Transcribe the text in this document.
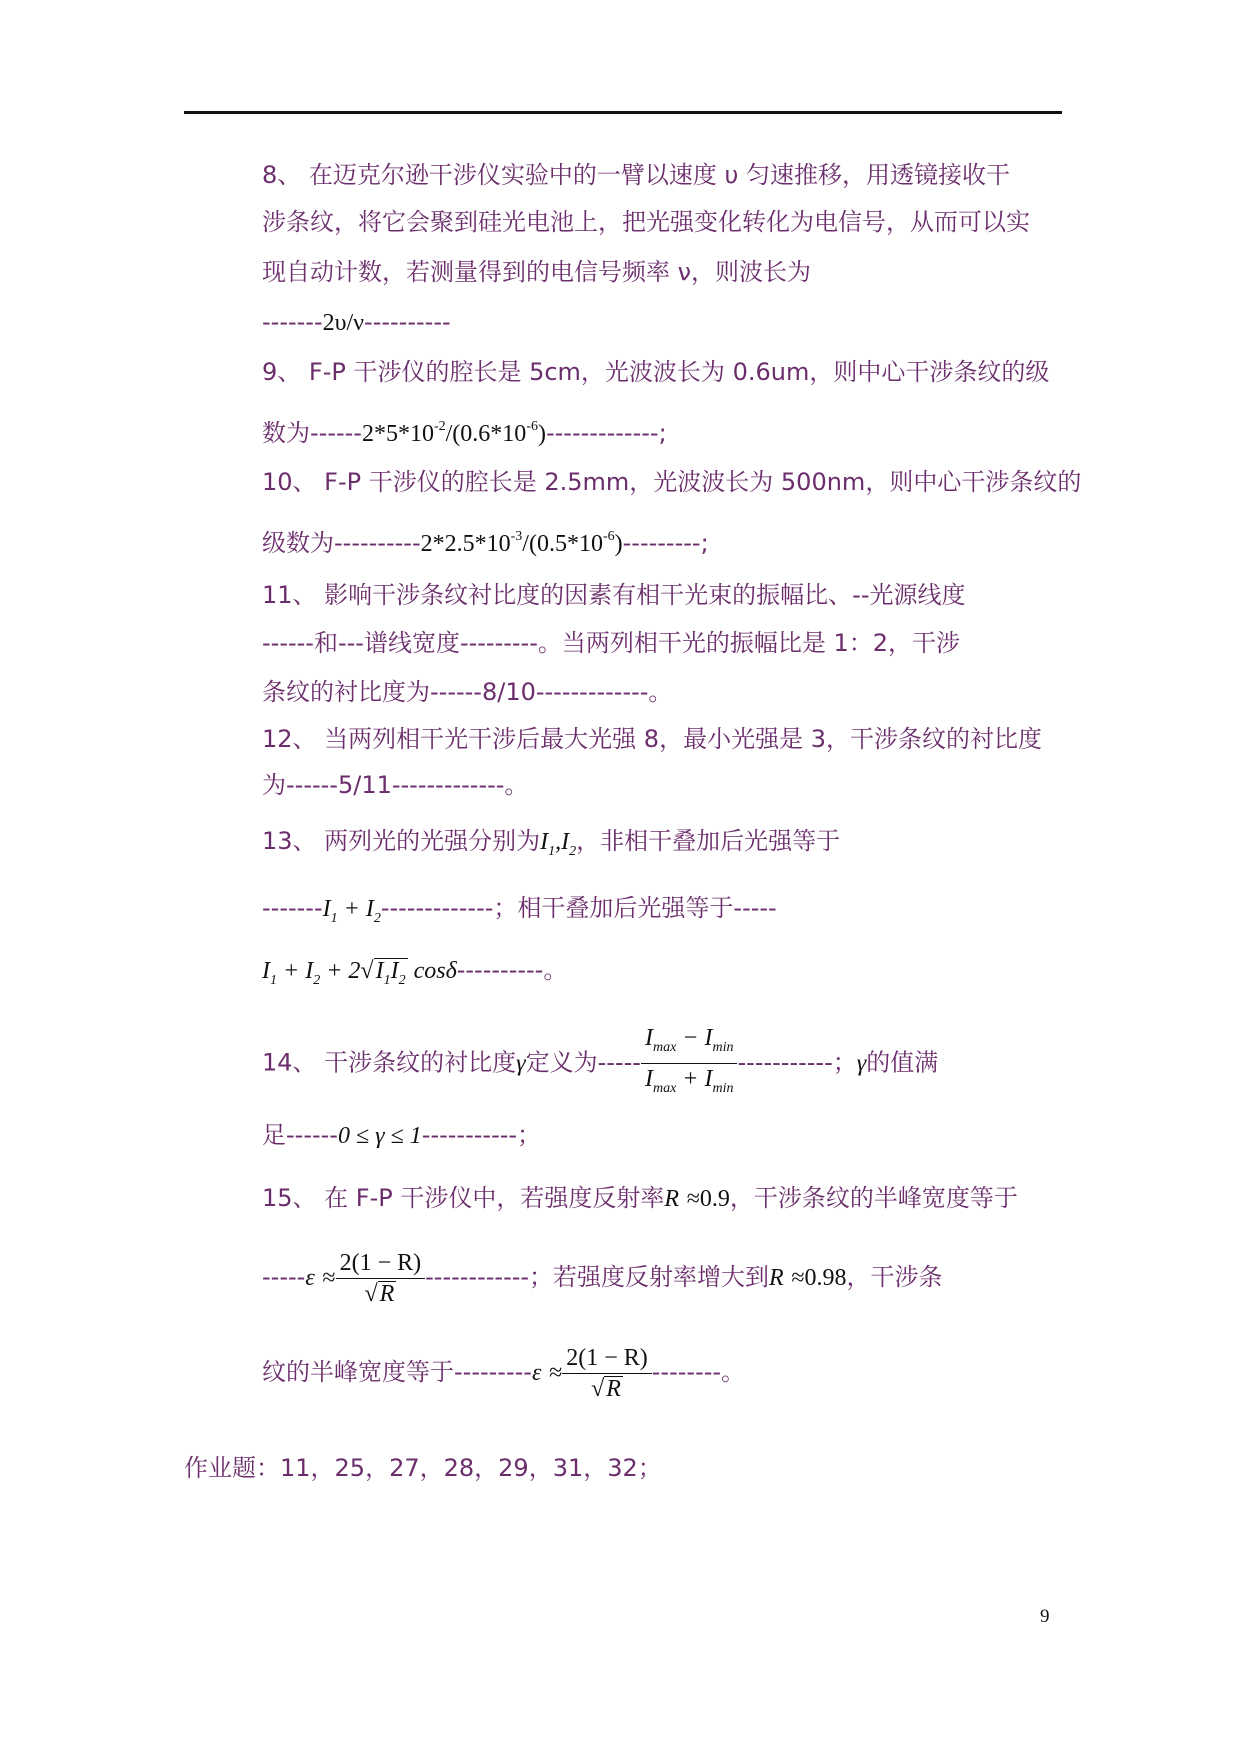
8、 在迈克尔逊干涉仪实验中的一臂以速度 υ 匀速推移，用透镜接收干
涉条纹，将它会聚到硅光电池上，把光强变化转化为电信号，从而可以实
现自动计数，若测量得到的电信号频率 ν，则波长为
-------2υ/ν----------
9、 F-P 干涉仪的腔长是 5cm，光波波长为 0.6um，则中心干涉条纹的级
数为$------2*5*10^{-2}/(0.6*10^{-6})-------------$;
10、 F-P 干涉仪的腔长是 2.5mm，光波波长为 500nm，则中心干涉条纹的
级数为$----------2*2.5*10^{-3}/(0.5*10^{-6})---------$;
11、 影响干涉条纹衬比度的因素有相干光束的振幅比、--光源线度
------和---谱线宽度---------。当两列相干光的振幅比是 1：2，干涉
条纹的衬比度为------8/10-------------。
12、 当两列相干光干涉后最大光强 8，最小光强是 3，干涉条纹的衬比度
为------5/11-------------。
13、 两列光的光强分别为$I_1,I_2$，非相干叠加后光强等于
$-------I_1 + I_2-------------$；相干叠加后光强等于-----
$I_1 + I_2 + 2√I_1I_2$ cosδ----------。
14、 干涉条纹的衬比度γ定义为----- $\frac{I_{max} - I_{min}}{I_{max} + I_{min}}$ -----------；γ的值满
足------0 ≤ γ ≤ 1-----------；
15、 在 F-P 干涉仪中，若强度反射率R ≈0.9，干涉条纹的半峰宽度等于
$-----\varepsilon \approx \frac{2(1 - R)}{√R}$ ------------；若强度反射率增大到R ≈0.98，干涉条
纹的半峰宽度等于$---------\varepsilon \approx \frac{2(1 - R)}{√R}$ --------。
作业题：11，25，27，28，29，31，32；
9
